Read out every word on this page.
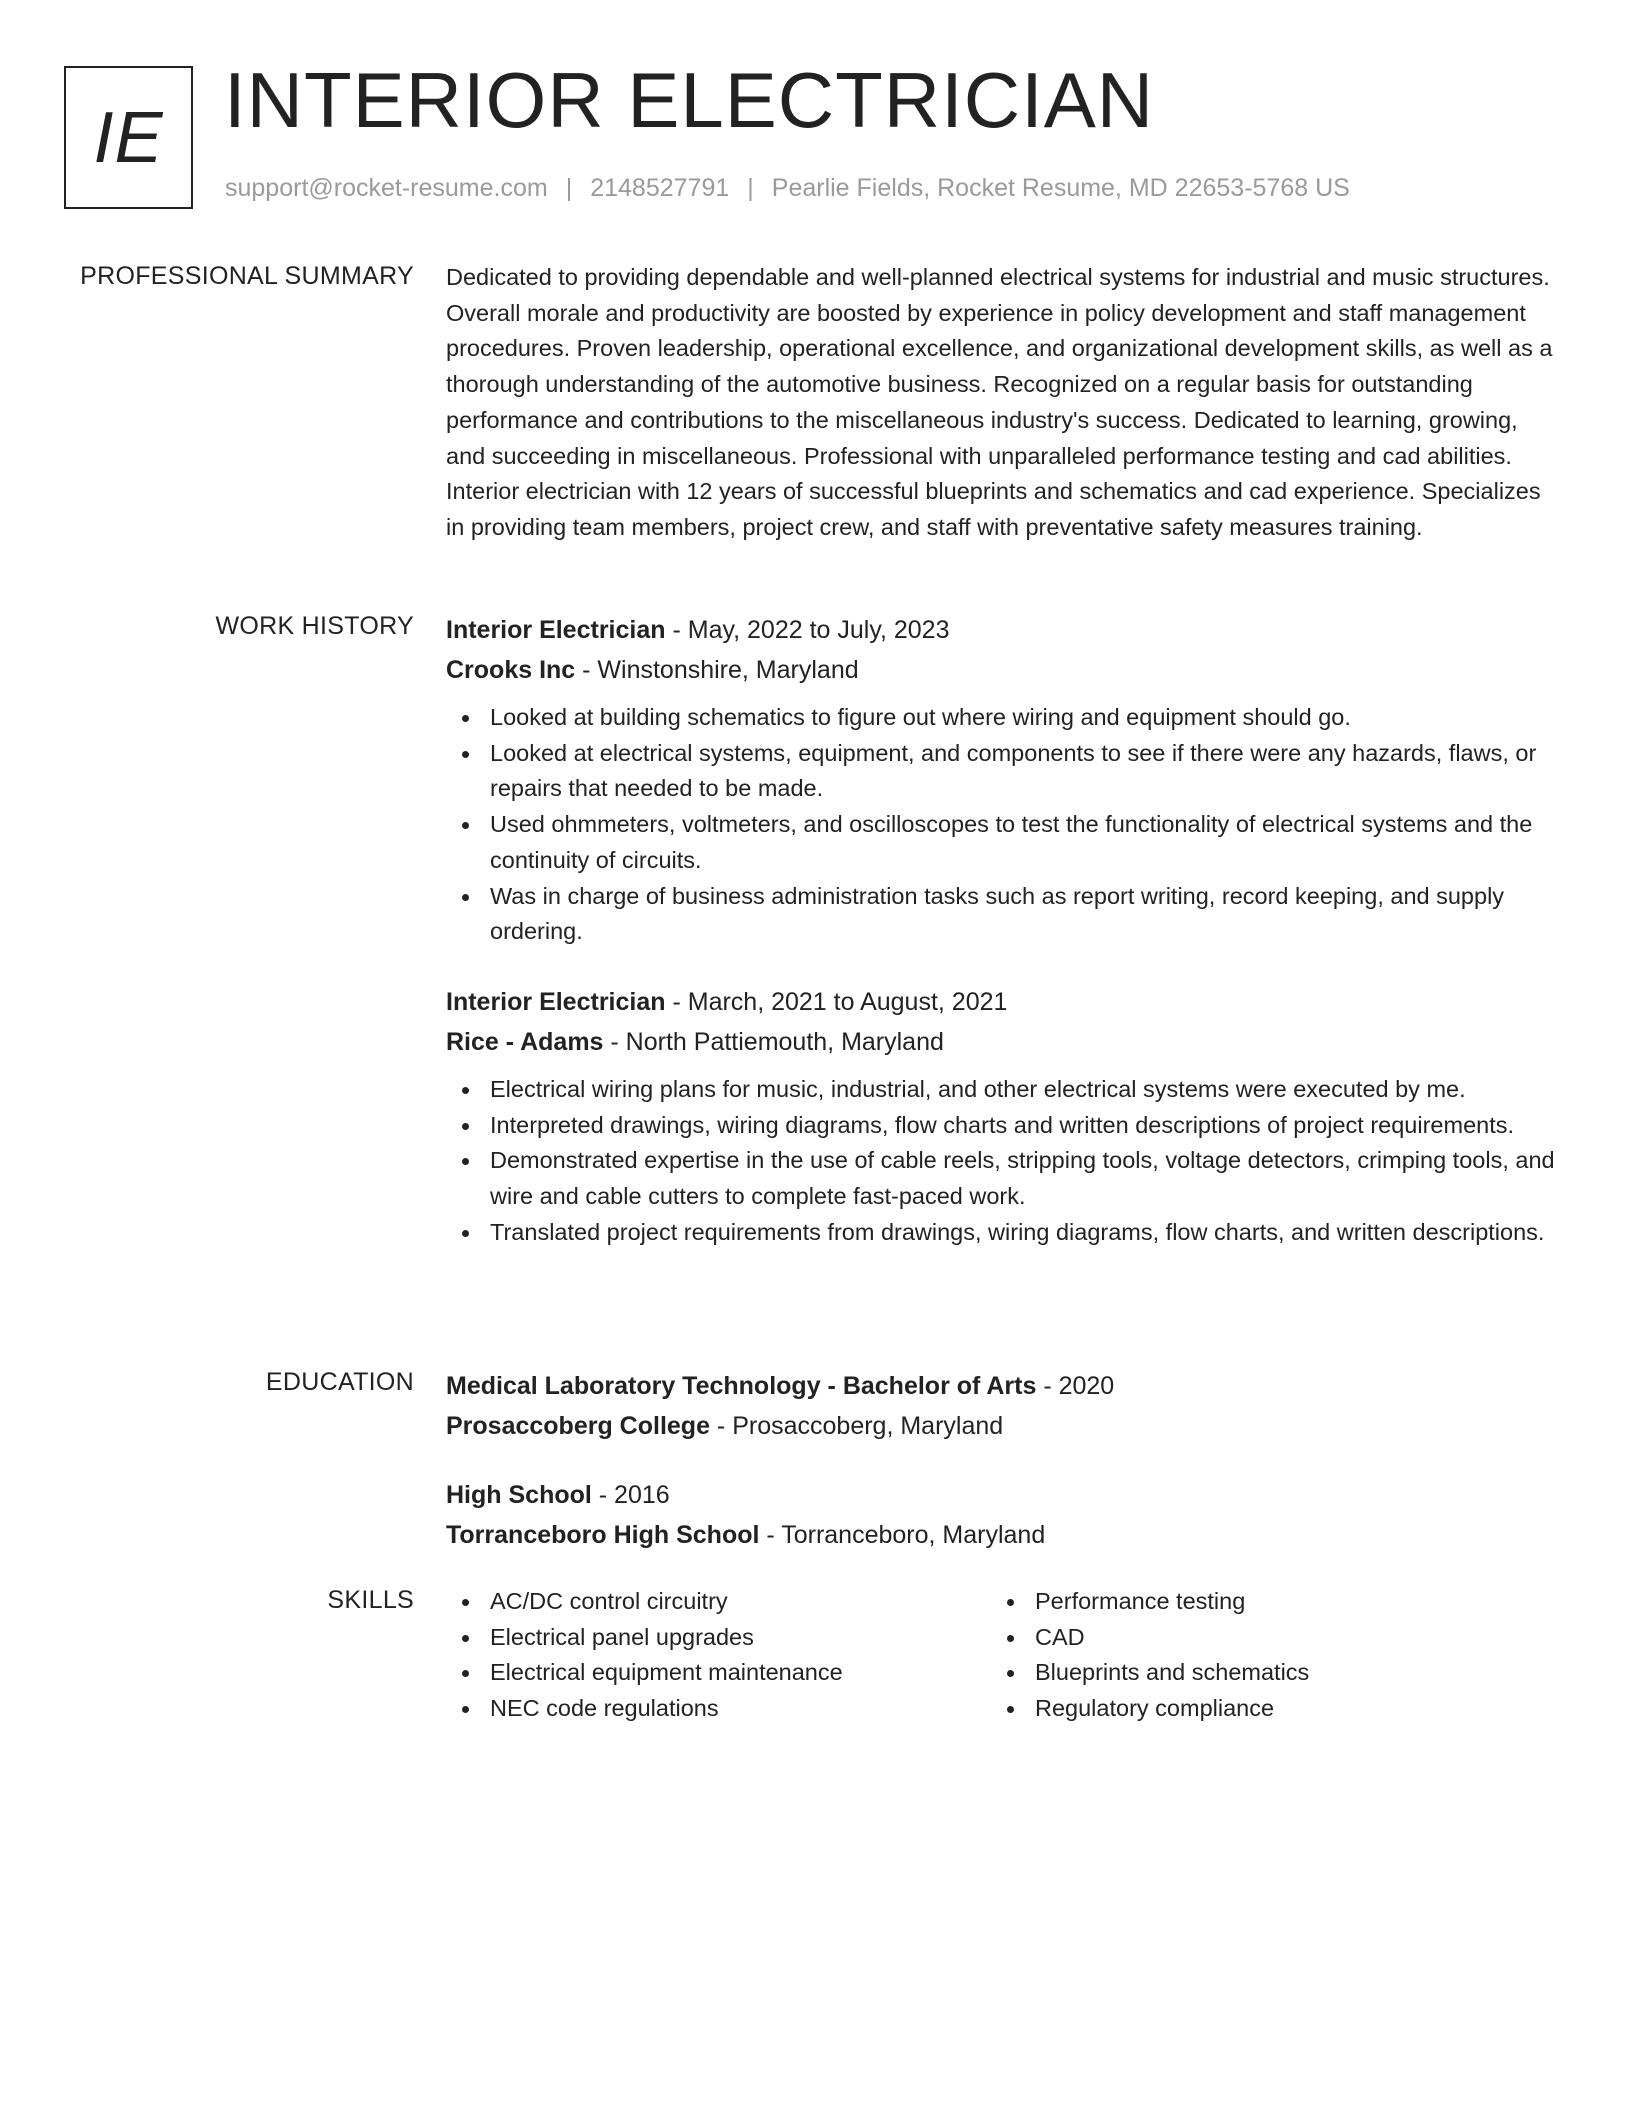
IE INTERIOR ELECTRICIAN
support@rocket-resume.com | 2148527791 | Pearlie Fields, Rocket Resume, MD 22653-5768 US
PROFESSIONAL SUMMARY Dedicated to providing dependable and well-planned electrical systems for industrial and music structures. Overall morale and productivity are boosted by experience in policy development and staff management procedures. Proven leadership, operational excellence, and organizational development skills, as well as a thorough understanding of the automotive business. Recognized on a regular basis for outstanding performance and contributions to the miscellaneous industry's success. Dedicated to learning, growing, and succeeding in miscellaneous. Professional with unparalleled performance testing and cad abilities. Interior electrician with 12 years of successful blueprints and schematics and cad experience. Specializes in providing team members, project crew, and staff with preventative safety measures training.
WORK HISTORY Interior Electrician - May, 2022 to July, 2023
Crooks Inc - Winstonshire, Maryland
Looked at building schematics to figure out where wiring and equipment should go.
Looked at electrical systems, equipment, and components to see if there were any hazards, flaws, or repairs that needed to be made.
Used ohmmeters, voltmeters, and oscilloscopes to test the functionality of electrical systems and the continuity of circuits.
Was in charge of business administration tasks such as report writing, record keeping, and supply ordering.
Interior Electrician - March, 2021 to August, 2021
Rice - Adams - North Pattiemouth, Maryland
Electrical wiring plans for music, industrial, and other electrical systems were executed by me.
Interpreted drawings, wiring diagrams, flow charts and written descriptions of project requirements.
Demonstrated expertise in the use of cable reels, stripping tools, voltage detectors, crimping tools, and wire and cable cutters to complete fast-paced work.
Translated project requirements from drawings, wiring diagrams, flow charts, and written descriptions.
EDUCATION Medical Laboratory Technology - Bachelor of Arts - 2020
Prosaccoberg College - Prosaccoberg, Maryland
High School - 2016
Torranceboro High School - Torranceboro, Maryland
SKILLS	AC/DC control circuitry
Electrical panel upgrades
Electrical equipment maintenance
NEC code regulations
Performance testing
CAD
Blueprints and schematics
Regulatory compliance
